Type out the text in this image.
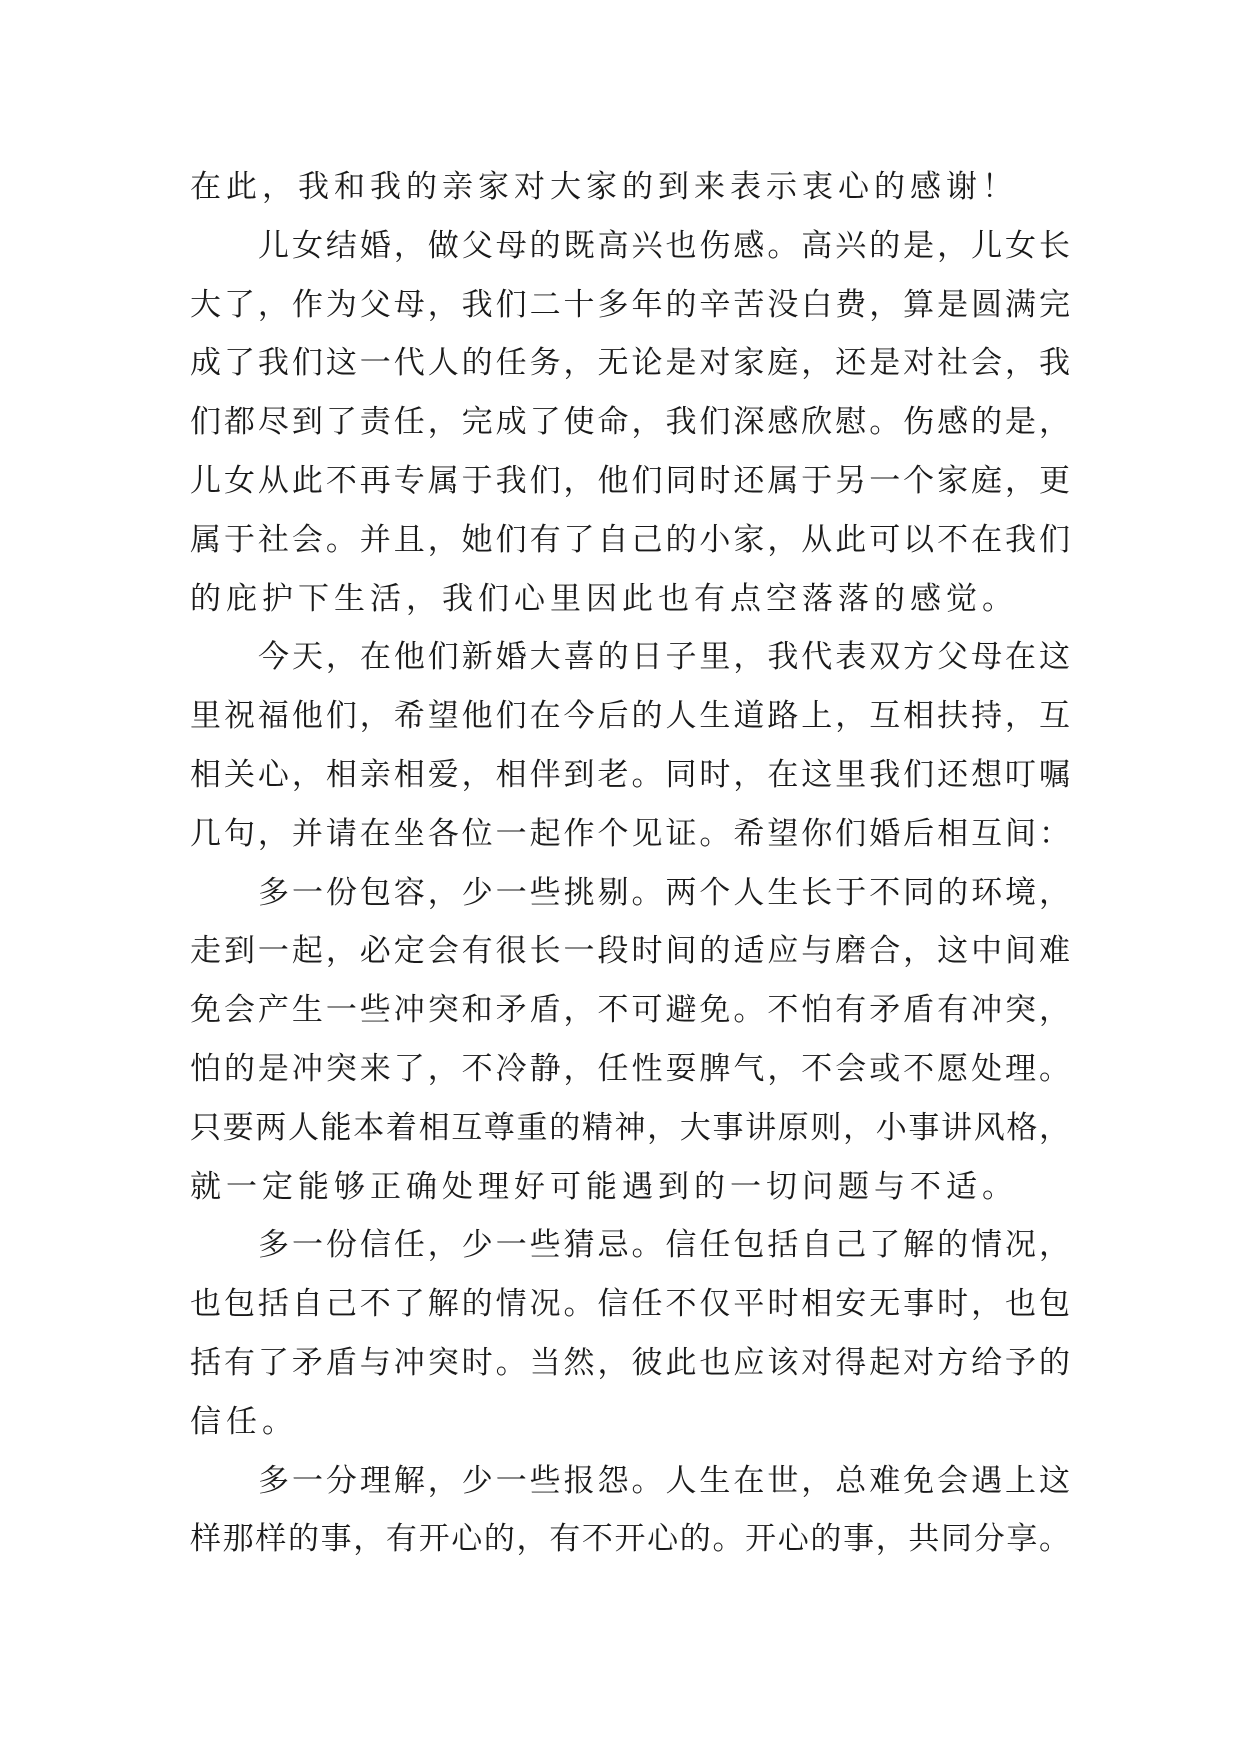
在此，我和我的亲家对大家的到来表示衷心的感谢！
儿女结婚，做父母的既高兴也伤感。高兴的是，儿女长
大了，作为父母，我们二十多年的辛苦没白费，算是圆满完
成了我们这一代人的任务，无论是对家庭，还是对社会，我
们都尽到了责任，完成了使命，我们深感欣慰。伤感的是，
儿女从此不再专属于我们，他们同时还属于另一个家庭，更
属于社会。并且，她们有了自己的小家，从此可以不在我们
的庇护下生活，我们心里因此也有点空落落的感觉。
今天，在他们新婚大喜的日子里，我代表双方父母在这
里祝福他们，希望他们在今后的人生道路上，互相扶持，互
相关心，相亲相爱，相伴到老。同时，在这里我们还想叮嘱
几句，并请在坐各位一起作个见证。希望你们婚后相互间：
多一份包容，少一些挑剔。两个人生长于不同的环境，
走到一起，必定会有很长一段时间的适应与磨合，这中间难
免会产生一些冲突和矛盾，不可避免。不怕有矛盾有冲突，
怕的是冲突来了，不冷静，任性耍脾气，不会或不愿处理。
只要两人能本着相互尊重的精神，大事讲原则，小事讲风格，
就一定能够正确处理好可能遇到的一切问题与不适。
多一份信任，少一些猜忌。信任包括自己了解的情况，
也包括自己不了解的情况。信任不仅平时相安无事时，也包
括有了矛盾与冲突时。当然，彼此也应该对得起对方给予的
信任。
多一分理解，少一些报怨。人生在世，总难免会遇上这
样那样的事，有开心的，有不开心的。开心的事，共同分享。
